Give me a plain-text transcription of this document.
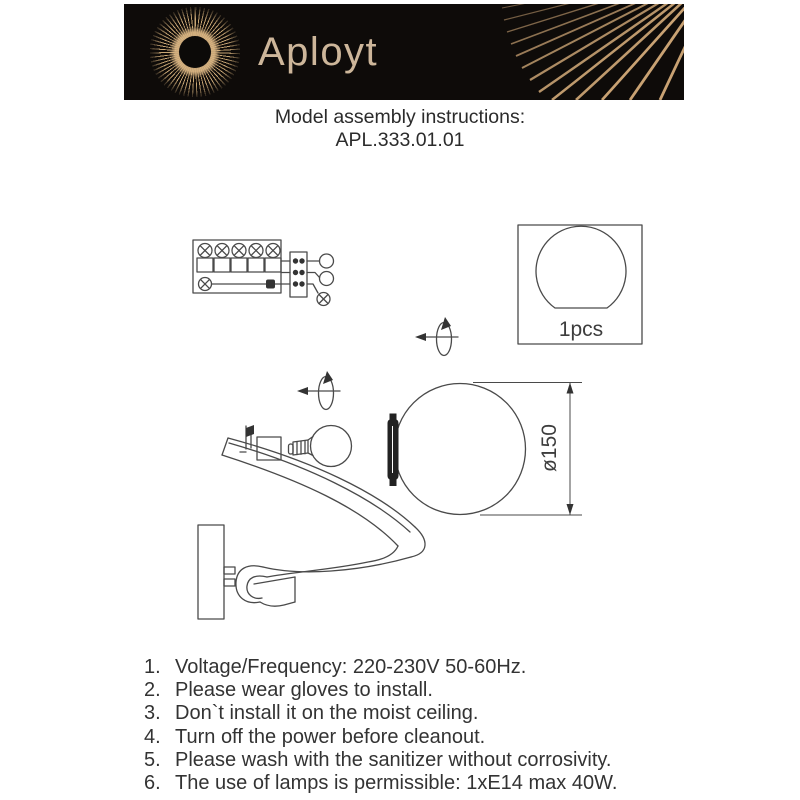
Aployt
Model assembly instructions:
APL.333.01.01
1pcs
ø150
1. Voltage/Frequency: 220-230V 50-60Hz.
2. Please wear gloves to install.
3. Don`t install it on the moist ceiling.
4. Turn off the power before cleanout.
5. Please wash with the sanitizer without corrosivity.
6. The use of lamps is permissible: 1xE14 max 40W.
